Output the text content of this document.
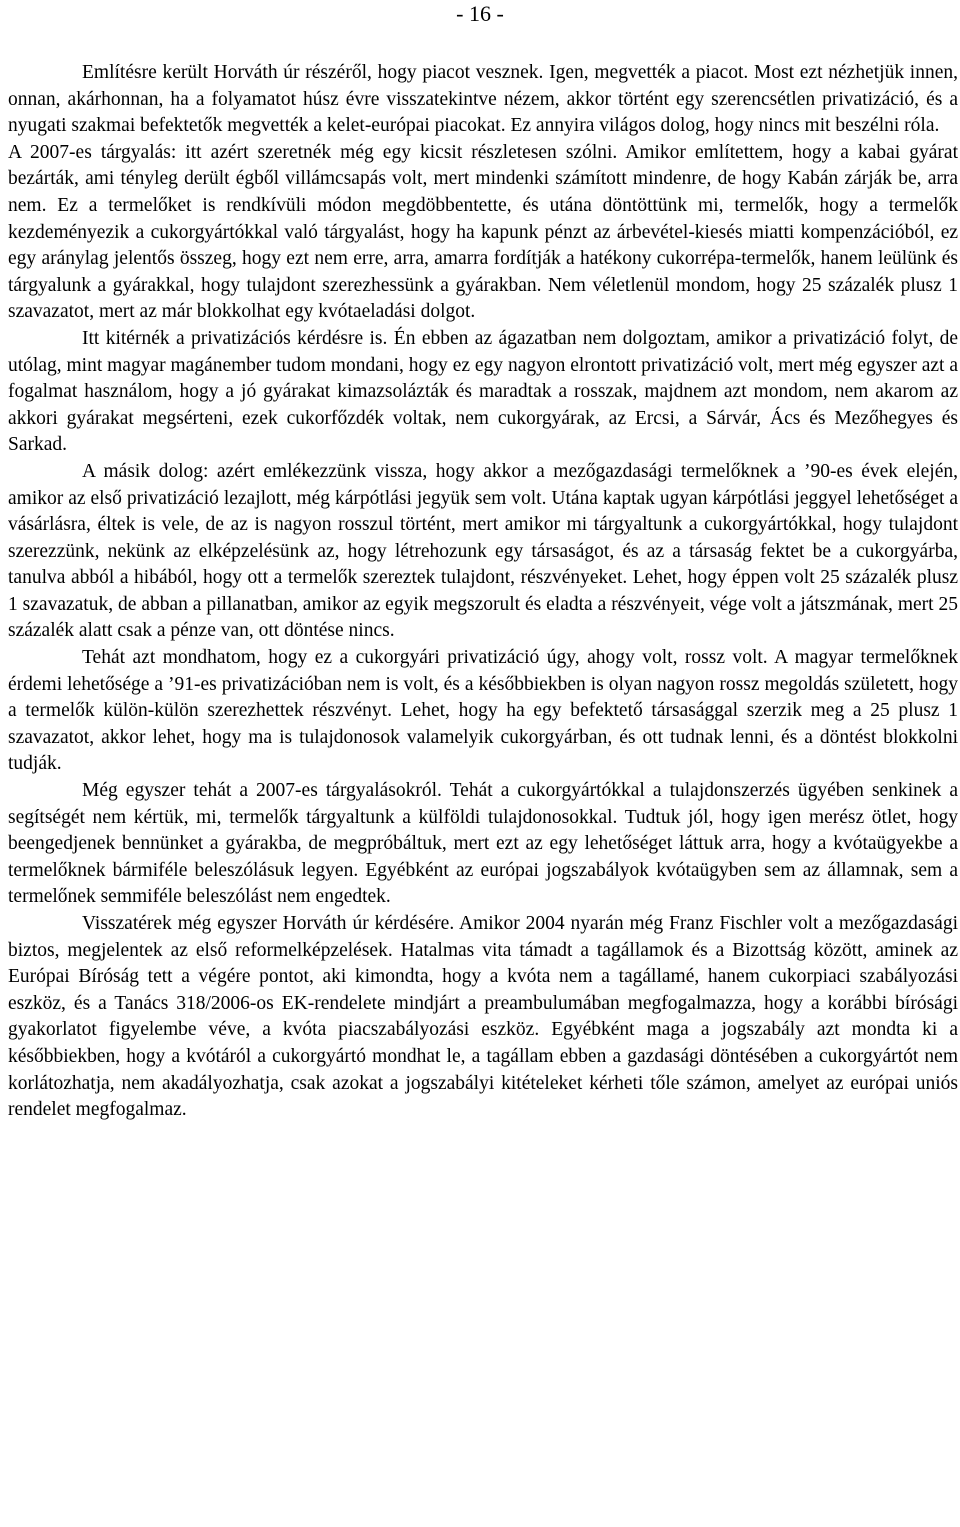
- 16 -

Említésre került Horváth úr részéről, hogy piacot vesznek. Igen, megvették a piacot. Most ezt nézhetjük innen, onnan, akárhonnan, ha a folyamatot húsz évre visszatekintve nézem, akkor történt egy szerencsétlen privatizáció, és a nyugati szakmai befektetők megvették a kelet-európai piacokat. Ez annyira világos dolog, hogy nincs mit beszélni róla.

A 2007-es tárgyalás: itt azért szeretnék még egy kicsit részletesen szólni. Amikor említettem, hogy a kabai gyárat bezárták, ami tényleg derült égből villámcsapás volt, mert mindenki számított mindenre, de hogy Kabán zárják be, arra nem. Ez a termelőket is rendkívüli módon megdöbbentette, és utána döntöttünk mi, termelők, hogy a termelők kezdeményezik a cukorgyártókkal való tárgyalást, hogy ha kapunk pénzt az árbevétel-kiesés miatti kompenzációból, ez egy aránylag jelentős összeg, hogy ezt nem erre, arra, amarra fordítják a hatékony cukorrépa-termelők, hanem leülünk és tárgyalunk a gyárakkal, hogy tulajdont szerezhessünk a gyárakban. Nem véletlenül mondom, hogy 25 százalék plusz 1 szavazatot, mert az már blokkolhat egy kvótaeladási dolgot.

Itt kitérnék a privatizációs kérdésre is. Én ebben az ágazatban nem dolgoztam, amikor a privatizáció folyt, de utólag, mint magyar magánember tudom mondani, hogy ez egy nagyon elrontott privatizáció volt, mert még egyszer azt a fogalmat használom, hogy a jó gyárakat kimazsolázták és maradtak a rosszak, majdnem azt mondom, nem akarom az akkori gyárakat megsérteni, ezek cukorfőzdék voltak, nem cukorgyárak, az Ercsi, a Sárvár, Ács és Mezőhegyes és Sarkad.

A másik dolog: azért emlékezzünk vissza, hogy akkor a mezőgazdasági termelőknek a ’90-es évek elején, amikor az első privatizáció lezajlott, még kárpótlási jegyük sem volt. Utána kaptak ugyan kárpótlási jeggyel lehetőséget a vásárlásra, éltek is vele, de az is nagyon rosszul történt, mert amikor mi tárgyaltunk a cukorgyártókkal, hogy tulajdont szerezzünk, nekünk az elképzelésünk az, hogy létrehozunk egy társaságot, és az a társaság fektet be a cukorgyárba, tanulva abból a hibából, hogy ott a termelők szereztek tulajdont, részvényeket. Lehet, hogy éppen volt 25 százalék plusz 1 szavazatuk, de abban a pillanatban, amikor az egyik megszorult és eladta a részvényeit, vége volt a játszmának, mert 25 százalék alatt csak a pénze van, ott döntése nincs.

Tehát azt mondhatom, hogy ez a cukorgyári privatizáció úgy, ahogy volt, rossz volt. A magyar termelőknek érdemi lehetősége a ’91-es privatizációban nem is volt, és a későbbiekben is olyan nagyon rossz megoldás született, hogy a termelők külön-külön szerezhettek részvényt. Lehet, hogy ha egy befektető társasággal szerzik meg a 25 plusz 1 szavazatot, akkor lehet, hogy ma is tulajdonosok valamelyik cukorgyárban, és ott tudnak lenni, és a döntést blokkolni tudják.

Még egyszer tehát a 2007-es tárgyalásokról. Tehát a cukorgyártókkal a tulajdonszerzés ügyében senkinek a segítségét nem kértük, mi, termelők tárgyaltunk a külföldi tulajdonosokkal. Tudtuk jól, hogy igen merész ötlet, hogy beengedjenek bennünket a gyárakba, de megpróbáltuk, mert ezt az egy lehetőséget láttuk arra, hogy a kvótaügyekbe a termelőknek bármiféle beleszólásuk legyen. Egyébként az európai jogszabályok kvótaügyben sem az államnak, sem a termelőnek semmiféle beleszólást nem engedtek.

Visszatérek még egyszer Horváth úr kérdésére. Amikor 2004 nyarán még Franz Fischler volt a mezőgazdasági biztos, megjelentek az első reformelképzelések. Hatalmas vita támadt a tagállamok és a Bizottság között, aminek az Európai Bíróság tett a végére pontot, aki kimondta, hogy a kvóta nem a tagállamé, hanem cukorpiaci szabályozási eszköz, és a Tanács 318/2006-os EK-rendelete mindjárt a preambulumában megfogalmazza, hogy a korábbi bírósági gyakorlatot figyelembe véve, a kvóta piacszabályozási eszköz. Egyébként maga a jogszabály azt mondta ki a későbbiekben, hogy a kvótáról a cukorgyártó mondhat le, a tagállam ebben a gazdasági döntésében a cukorgyártót nem korlátozhatja, nem akadályozhatja, csak azokat a jogszabályi kitételeket kérheti tőle számon, amelyet az európai uniós rendelet megfogalmaz.
